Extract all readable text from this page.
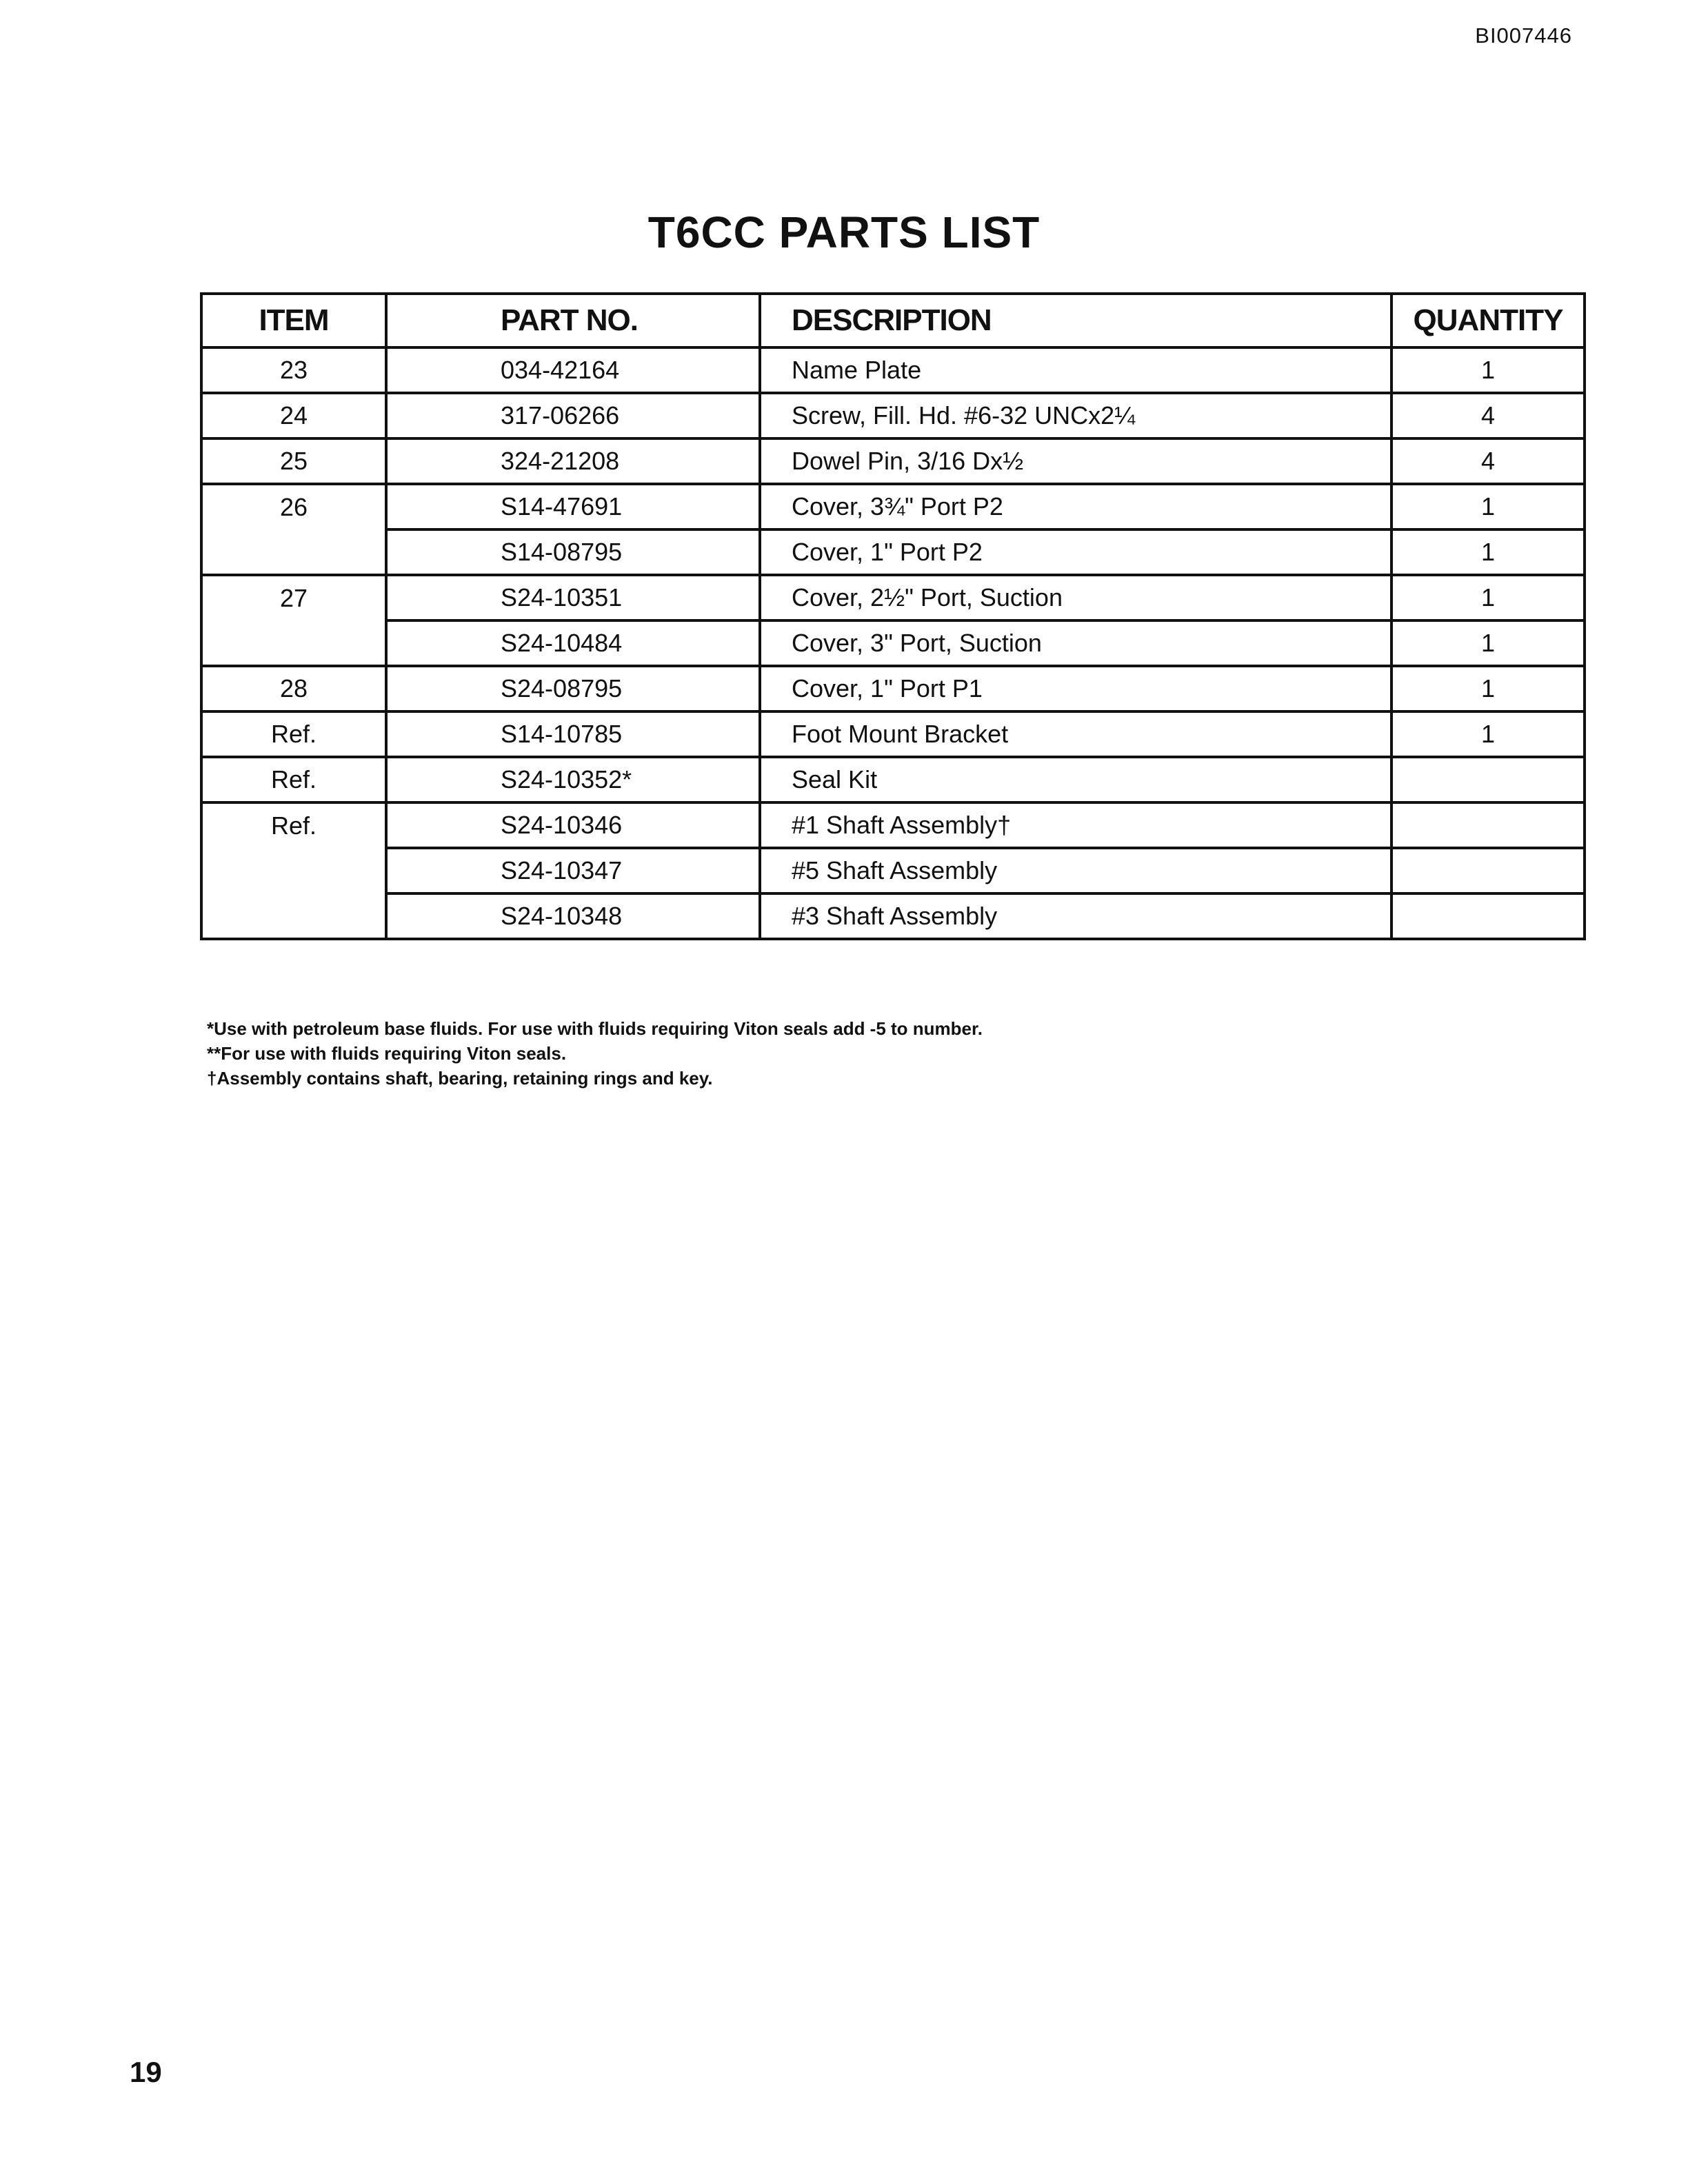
BI007446
T6CC PARTS LIST
ITEM	PART NO.	DESCRIPTION	QUANTITY
23	034-42164	Name Plate	1
24	317-06266	Screw, Fill. Hd. #6-32 UNCx2¼	4
25	324-21208	Dowel Pin, 3/16 Dx½	4
26	S14-47691	Cover, 3¾" Port P2	1
	S14-08795	Cover, 1" Port P2	1
27	S24-10351	Cover, 2½" Port, Suction	1
	S24-10484	Cover, 3" Port, Suction	1
28	S24-08795	Cover, 1" Port P1	1
Ref.	S14-10785	Foot Mount Bracket	1
Ref.	S24-10352*	Seal Kit	
Ref.	S24-10346	#1 Shaft Assembly†	
	S24-10347	#5 Shaft Assembly	
	S24-10348	#3 Shaft Assembly	
*Use with petroleum base fluids. For use with fluids requiring Viton seals add -5 to number.
**For use with fluids requiring Viton seals.
†Assembly contains shaft, bearing, retaining rings and key.
19
